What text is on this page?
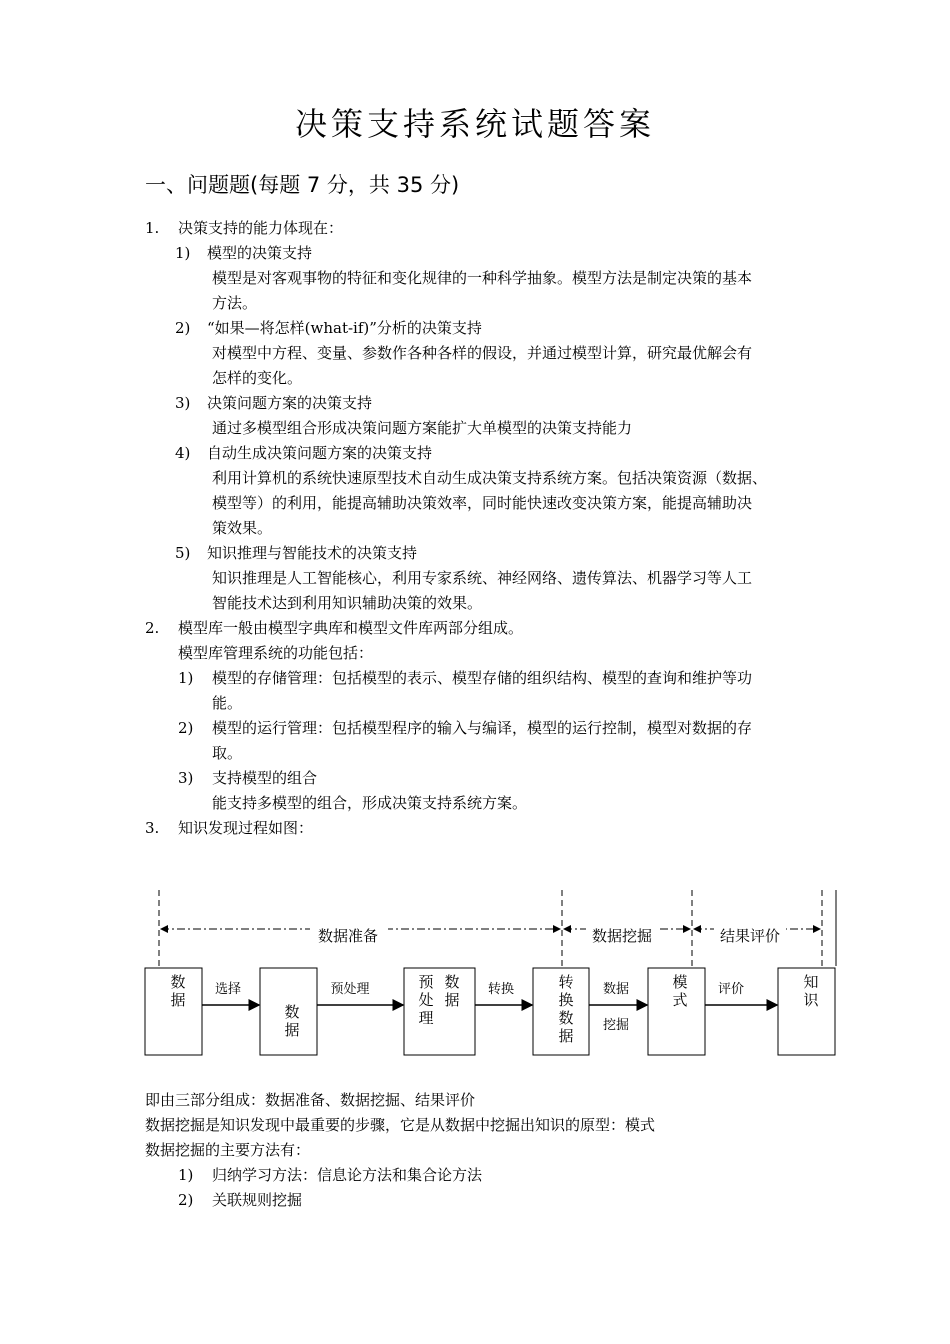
决策支持系统试题答案
一、问题题(每题 7 分，共 35 分)
1. 决策支持的能力体现在：
1) 模型的决策支持
模型是对客观事物的特征和变化规律的一种科学抽象。模型方法是制定决策的基本
方法。
2) “如果—将怎样(what-if)”分析的决策支持
对模型中方程、变量、参数作各种各样的假设，并通过模型计算，研究最优解会有
怎样的变化。
3) 决策问题方案的决策支持
通过多模型组合形成决策问题方案能扩大单模型的决策支持能力
4) 自动生成决策问题方案的决策支持
利用计算机的系统快速原型技术自动生成决策支持系统方案。包括决策资源（数据、
模型等）的利用，能提高辅助决策效率，同时能快速改变决策方案，能提高辅助决
策效果。
5) 知识推理与智能技术的决策支持
知识推理是人工智能核心，利用专家系统、神经网络、遗传算法、机器学习等人工
智能技术达到利用知识辅助决策的效果。
2. 模型库一般由模型字典库和模型文件库两部分组成。
模型库管理系统的功能包括：
1) 模型的存储管理：包括模型的表示、模型存储的组织结构、模型的查询和维护等功
能。
2) 模型的运行管理：包括模型程序的输入与编译，模型的运行控制，模型对数据的存
取。
3) 支持模型的组合
能支持多模型的组合，形成决策支持系统方案。
3. 知识发现过程如图：
数据准备	数据挖掘	结果评价
数
据
数
据
预
处
理
数
据
转
换
数
据
模
式
知
识
选择	预处理	转换	数据
挖掘
评价
即由三部分组成：数据准备、数据挖掘、结果评价
数据挖掘是知识发现中最重要的步骤，它是从数据中挖掘出知识的原型：模式
数据挖掘的主要方法有：
1) 归纳学习方法：信息论方法和集合论方法
2) 关联规则挖掘
